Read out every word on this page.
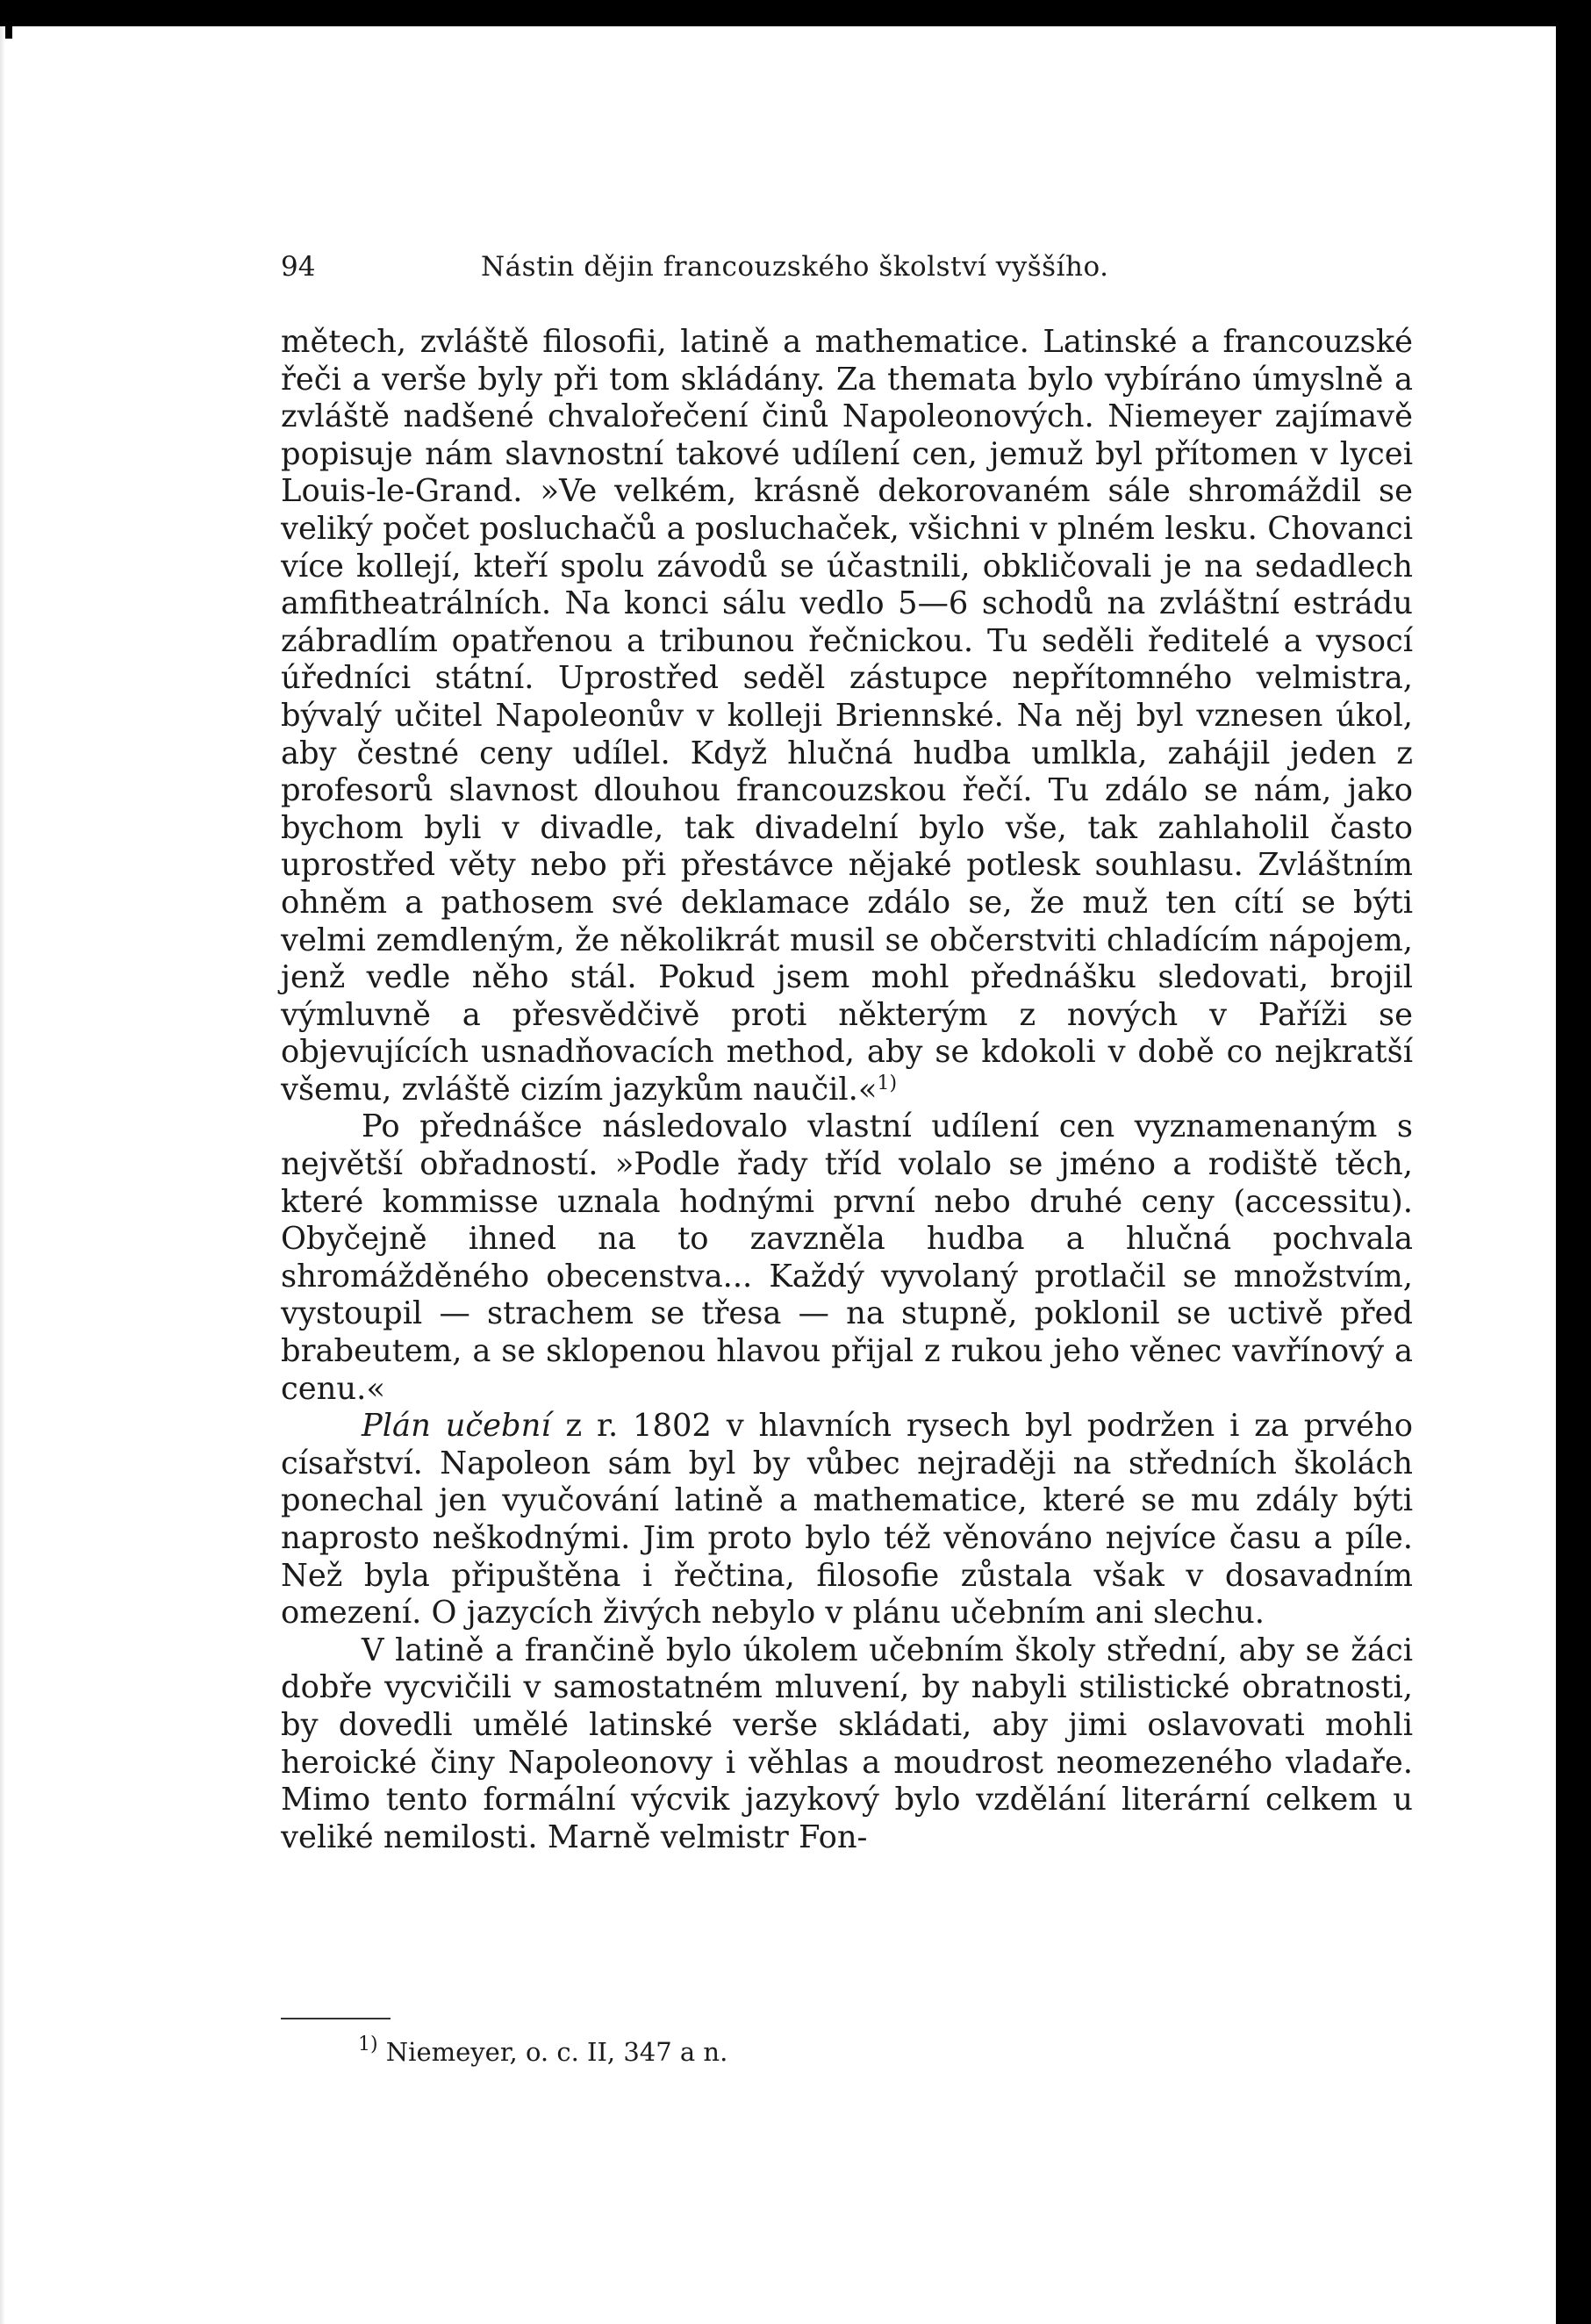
94	Nástin dějin francouzského školství vyššího.

mětech, zvláště filosofii, latině a mathematice. Latinské a francouzské řeči a verše byly při tom skládány. Za themata bylo vybíráno úmyslně a zvláště nadšené chvalořečení činů Napoleonových. Niemeyer zajímavě popisuje nám slavnostní takové udílení cen, jemuž byl přítomen v lycei Louis-le-Grand. »Ve velkém, krásně dekorovaném sále shromáždil se veliký počet posluchačů a posluchaček, všichni v plném lesku. Chovanci více kollejí, kteří spolu závodů se účastnili, obkličovali je na sedadlech amfitheatrálních. Na konci sálu vedlo 5—6 schodů na zvláštní estrádu zábradlím opatřenou a tribunou řečnickou. Tu seděli ředitelé a vysocí úředníci státní. Uprostřed seděl zástupce nepřítomného velmistra, bývalý učitel Napoleonův v kolleji Briennské. Na něj byl vznesen úkol, aby čestné ceny udílel. Když hlučná hudba umlkla, zahájil jeden z profesorů slavnost dlouhou francouzskou řečí. Tu zdálo se nám, jako bychom byli v divadle, tak divadelní bylo vše, tak zahlaholil často uprostřed věty nebo při přestávce nějaké potlesk souhlasu. Zvláštním ohněm a pathosem své deklamace zdálo se, že muž ten cítí se býti velmi zemdleným, že několikrát musil se občerstviti chladícím nápojem, jenž vedle něho stál. Pokud jsem mohl přednášku sledovati, brojil výmluvně a přesvědčivě proti některým z nových v Paříži se objevujících usnadňovacích method, aby se kdokoli v době co nejkratší všemu, zvláště cizím jazykům naučil.«$^{1)}$

Po přednášce následovalo vlastní udílení cen vyznamenaným s největší obřadností. »Podle řady tříd volalo se jméno a rodiště těch, které kommisse uznala hodnými první nebo druhé ceny (accessitu). Obyčejně ihned na to zavzněla hudba a hlučná pochvala shromážděného obecenstva... Každý vyvolaný protlačil se množstvím, vystoupil — strachem se třesa — na stupně, poklonil se uctivě před brabeutem, a se sklopenou hlavou přijal z rukou jeho věnec vavřínový a cenu.«

Plán učební z r. 1802 v hlavních rysech byl podržen i za prvého císařství. Napoleon sám byl by vůbec nejraději na středních školách ponechal jen vyučování latině a mathematice, které se mu zdály býti naprosto neškodnými. Jim proto bylo též věnováno nejvíce času a píle. Než byla připuštěna i řečtina, filosofie zůstala však v dosavadním omezení. O jazycích živých nebylo v plánu učebním ani slechu.

V latině a frančině bylo úkolem učebním školy střední, aby se žáci dobře vycvičili v samostatném mluvení, by nabyli stilistické obratnosti, by dovedli umělé latinské verše skládati, aby jimi oslavovati mohli heroické činy Napoleonovy i věhlas a moudrost neomezeného vladaře. Mimo tento formální výcvik jazykový bylo vzdělání literární celkem u veliké nemilosti. Marně velmistr Fon-

$^{1)}$ Niemeyer, o. c. II, 347 a n.
